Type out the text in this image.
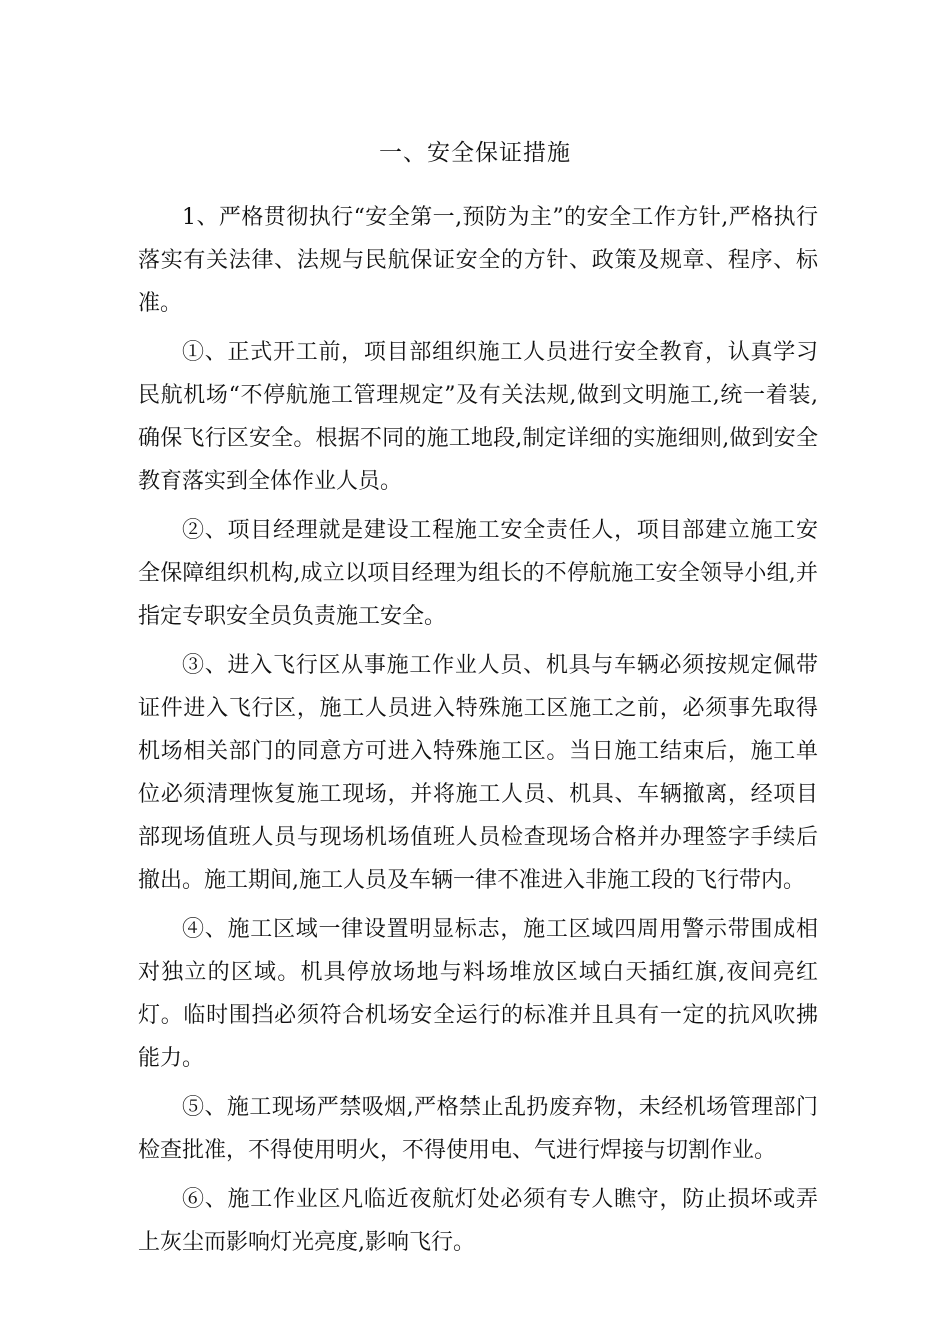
一、安全保证措施

1、严格贯彻执行“安全第一,预防为主”的安全工作方针,严格执行落实有关法律、法规与民航保证安全的方针、政策及规章、程序、标准。

①、正式开工前，项目部组织施工人员进行安全教育，认真学习民航机场“不停航施工管理规定”及有关法规,做到文明施工,统一着装,确保飞行区安全。根据不同的施工地段,制定详细的实施细则,做到安全教育落实到全体作业人员。

②、项目经理就是建设工程施工安全责任人，项目部建立施工安全保障组织机构,成立以项目经理为组长的不停航施工安全领导小组,并指定专职安全员负责施工安全。

③、进入飞行区从事施工作业人员、机具与车辆必须按规定佩带证件进入飞行区，施工人员进入特殊施工区施工之前，必须事先取得机场相关部门的同意方可进入特殊施工区。当日施工结束后，施工单位必须清理恢复施工现场，并将施工人员、机具、车辆撤离，经项目部现场值班人员与现场机场值班人员检查现场合格并办理签字手续后撤出。施工期间,施工人员及车辆一律不准进入非施工段的飞行带内。

④、施工区域一律设置明显标志，施工区域四周用警示带围成相对独立的区域。机具停放场地与料场堆放区域白天插红旗,夜间亮红灯。临时围挡必须符合机场安全运行的标准并且具有一定的抗风吹拂能力。

⑤、施工现场严禁吸烟,严格禁止乱扔废弃物，未经机场管理部门检查批准，不得使用明火，不得使用电、气进行焊接与切割作业。

⑥、施工作业区凡临近夜航灯处必须有专人瞧守，防止损坏或弄上灰尘而影响灯光亮度,影响飞行。
